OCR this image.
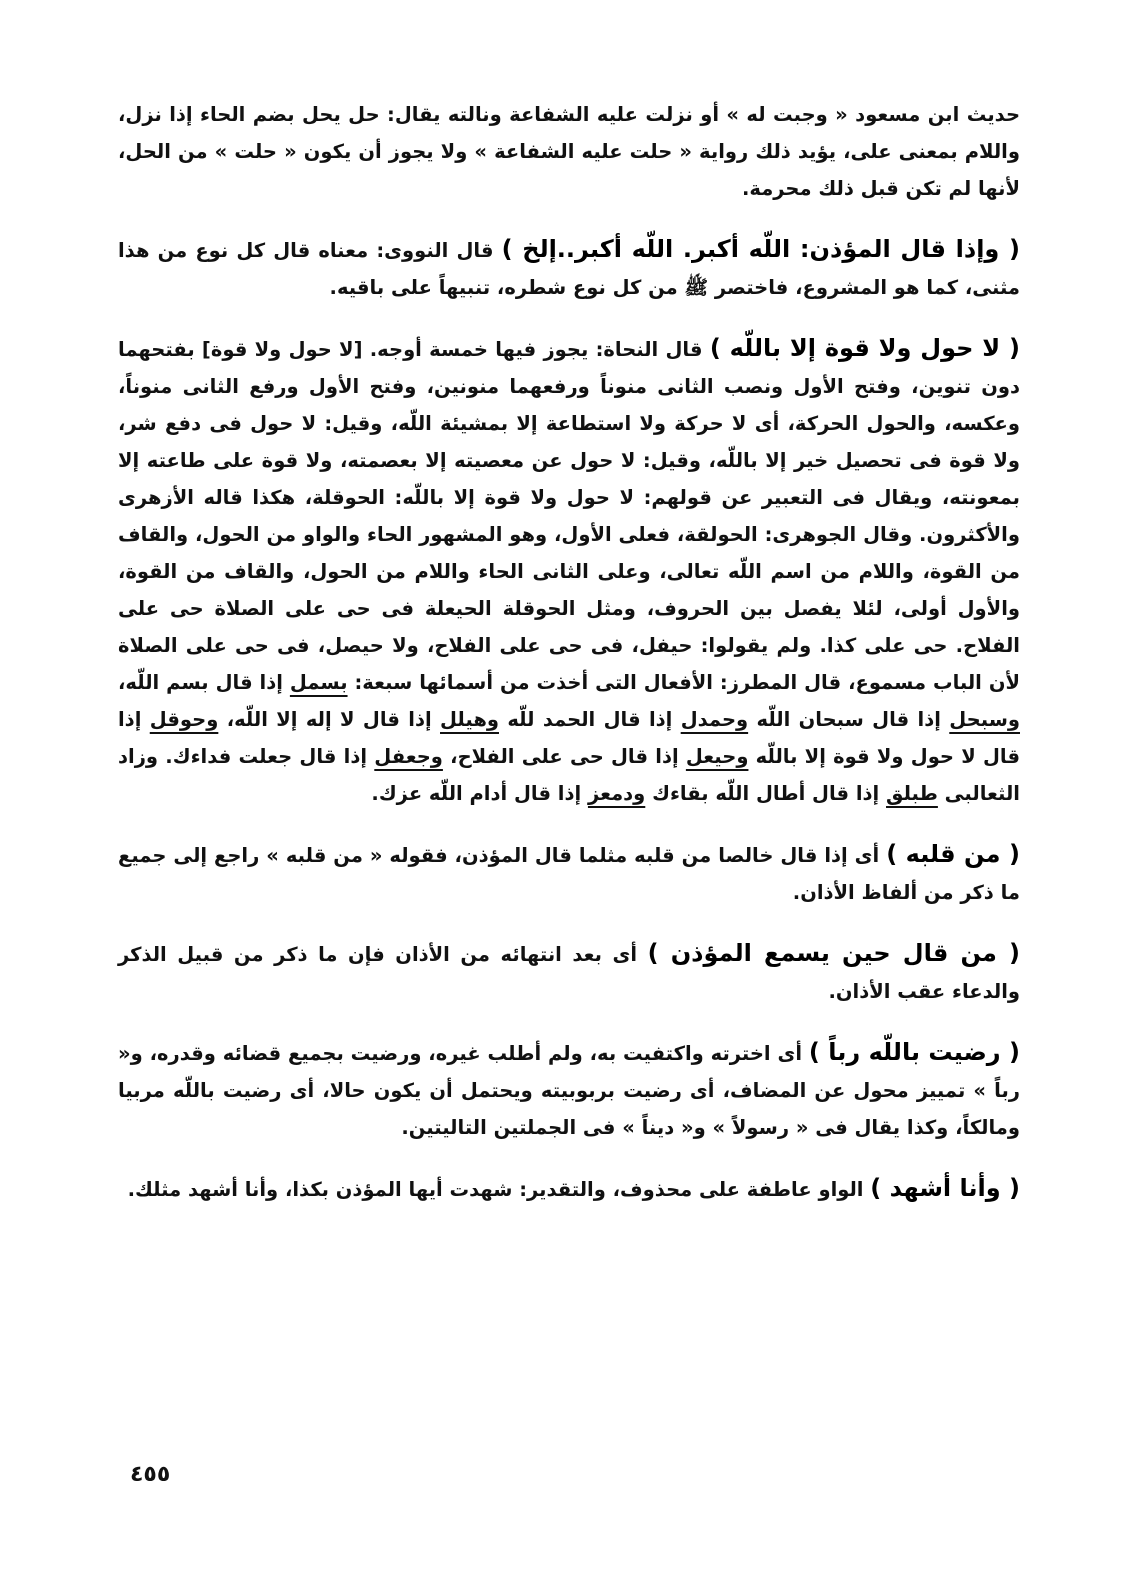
حديث ابن مسعود « وجبت له » أو نزلت عليه الشفاعة ونالته يقال: حل يحل بضم الحاء إذا نزل، واللام بمعنى على، يؤيد ذلك رواية « حلت عليه الشفاعة » ولا يجوز أن يكون « حلت » من الحل، لأنها لم تكن قبل ذلك محرمة.

( وإذا قال المؤذن: اللّه أكبر. اللّه أكبر..إلخ ) قال النووى: معناه قال كل نوع من هذا مثنى، كما هو المشروع، فاختصر ﷺ من كل نوع شطره، تنبيهاً على باقيه.

( لا حول ولا قوة إلا باللّه ) قال النحاة: يجوز فيها خمسة أوجه. [لا حول ولا قوة] بفتحهما دون تنوين، وفتح الأول ونصب الثانى منوناً ورفعهما منونين، وفتح الأول ورفع الثانى منوناً، وعكسه، والحول الحركة، أى لا حركة ولا استطاعة إلا بمشيئة اللّه، وقيل: لا حول فى دفع شر، ولا قوة فى تحصيل خير إلا باللّه، وقيل: لا حول عن معصيته إلا بعصمته، ولا قوة على طاعته إلا بمعونته، ويقال فى التعبير عن قولهم: لا حول ولا قوة إلا باللّه: الحوقلة، هكذا قاله الأزهرى والأكثرون. وقال الجوهرى: الحولقة، فعلى الأول، وهو المشهور الحاء والواو من الحول، والقاف من القوة، واللام من اسم اللّه تعالى، وعلى الثانى الحاء واللام من الحول، والقاف من القوة، والأول أولى، لئلا يفصل بين الحروف، ومثل الحوقلة الحيعلة فى حى على الصلاة حى على الفلاح. حى على كذا. ولم يقولوا: حيفل، فى حى على الفلاح، ولا حيصل، فى حى على الصلاة لأن الباب مسموع، قال المطرز: الأفعال التى أخذت من أسمائها سبعة: بسمل إذا قال بسم اللّه، وسبحل إذا قال سبحان اللّه وحمدل إذا قال الحمد للّه وهيلل إذا قال لا إله إلا اللّه، وحوقل إذا قال لا حول ولا قوة إلا باللّه وحيعل إذا قال حى على الفلاح، وجعفل إذا قال جعلت فداءك. وزاد الثعالبى طبلق إذا قال أطال اللّه بقاءك ودمعز إذا قال أدام اللّه عزك.

( من قلبه ) أى إذا قال خالصا من قلبه مثلما قال المؤذن، فقوله « من قلبه » راجع إلى جميع ما ذكر من ألفاظ الأذان.

( من قال حين يسمع المؤذن ) أى بعد انتهائه من الأذان فإن ما ذكر من قبيل الذكر والدعاء عقب الأذان.

( رضيت باللّه رباً ) أى اخترته واكتفيت به، ولم أطلب غيره، ورضيت بجميع قضائه وقدره، و« رباً » تمييز محول عن المضاف، أى رضيت بربوبيته ويحتمل أن يكون حالا، أى رضيت باللّه مربيا ومالكاً، وكذا يقال فى « رسولاً » و« ديناً » فى الجملتين التاليتين.

( وأنا أشهد ) الواو عاطفة على محذوف، والتقدير: شهدت أيها المؤذن بكذا، وأنا أشهد مثلك.

٤٥٥
